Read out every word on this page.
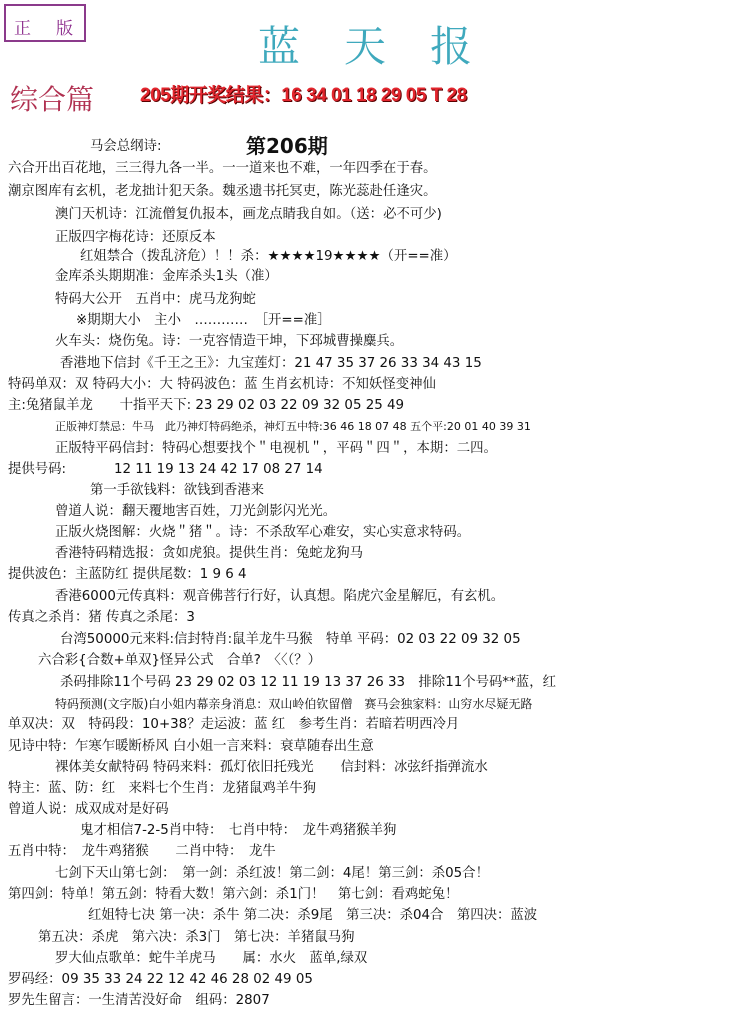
正 版	蓝天报
综合篇 205期开奖结果：16 34 01 18 29 05 T 28
第206期
马会总纲诗:
六合开出百花地，三三得九各一半。一一道来也不难，一年四季在于春。
潮京图库有玄机，老龙拙计犯天条。魏丞遗书托冥吏，陈光蕊赴任逢灾。
澳门天机诗：江流僧复仇报本，画龙点睛我自如。（送：必不可少)
正版四字梅花诗：还原反本
红姐禁合（拨乱济危）！！杀：★★★★19★★★★（开==准）
金库杀头期期准：金库杀头1头（准）
特码大公开　五肖中：虎马龙狗蛇
※期期大小　主小　…………　［开==准］
火车头：烧伤兔。诗：一克容情造干坤，下邳城曹操麋兵。
香港地下信封《千王之王》：九宝莲灯：21 47 35 37 26 33 34 43 15
特码单双：双 特码大小：大 特码波色：蓝 生肖玄机诗：不知妖怪变神仙
主:兔猪鼠羊龙　　十指平天下: 23 29 02 03 22 09 32 05 25 49
正版神灯禁忌：牛马　此乃神灯特码绝杀，神灯五中特:36 46 18 07 48 五个平:20 01 40 39 31
正版特平码信封：特码心想要找个＂电视机＂，平码＂四＂，本期：二四。
提供号码:	12 11 19 13 24 42 17 08 27 14
第一手欲钱料：欲钱到香港来
曾道人说：翻天覆地害百姓，刀光剑影闪光光。
正版火烧图解：火烧＂猪＂。诗：不杀敌军心难安，实心实意求特码。
香港特码精选报：贪如虎狼。提供生肖：兔蛇龙狗马
提供波色：主蓝防红 提供尾数：1 9 6 4
香港6000元传真料：观音佛菩行行好，认真想。陷虎穴金星解厄，有玄机。
传真之杀肖：猪 传真之杀尾：3
台湾50000元来料:信封特肖:鼠羊龙牛马猴　特单 平码：02 03 22 09 32 05
六合彩{合数+单双}怪异公式　合单?　〈〈（？）
杀码排除11个号码 23 29 02 03 12 11 19 13 37 26 33　排除11个号码**蓝，红
特码预测(文字版)白小姐内幕亲身消息：双山岭伯钦留僧　赛马会独家料：山穷水尽疑无路
单双决：双　特码段：10+38？走运波：蓝 红　参考生肖：若暗若明西冷月
见诗中特：乍寒乍暖断桥风 白小姐一言来料：衰草随春出生意
裸体美女献特码 特码来料：孤灯依旧托残光　　信封料：冰弦纤指弹流水
特主：蓝、防：红　来料七个生肖：龙猪鼠鸡羊牛狗
曾道人说：成双成对是好码
鬼才相信7-2-5肖中特：　七肖中特：　龙牛鸡猪猴羊狗
五肖中特：　龙牛鸡猪猴　　二肖中特：　龙牛
七剑下天山第七剑：　第一剑：杀红波！第二剑：4尾！第三剑：杀05合！
第四剑：特单！第五剑：特看大数！第六剑：杀1门！　第七剑：看鸡蛇兔！
红姐特七决 第一决：杀牛 第二决：杀9尾　第三决：杀04合　第四决：蓝波
第五决：杀虎　第六决：杀3门　第七决：羊猪鼠马狗
罗大仙点歌单：蛇牛羊虎马　　属：水火　蓝单,绿双
罗码经：09 35 33 24 22 12 42 46 28 02 49 05
罗先生留言：一生清苦没好命　组码：2807
